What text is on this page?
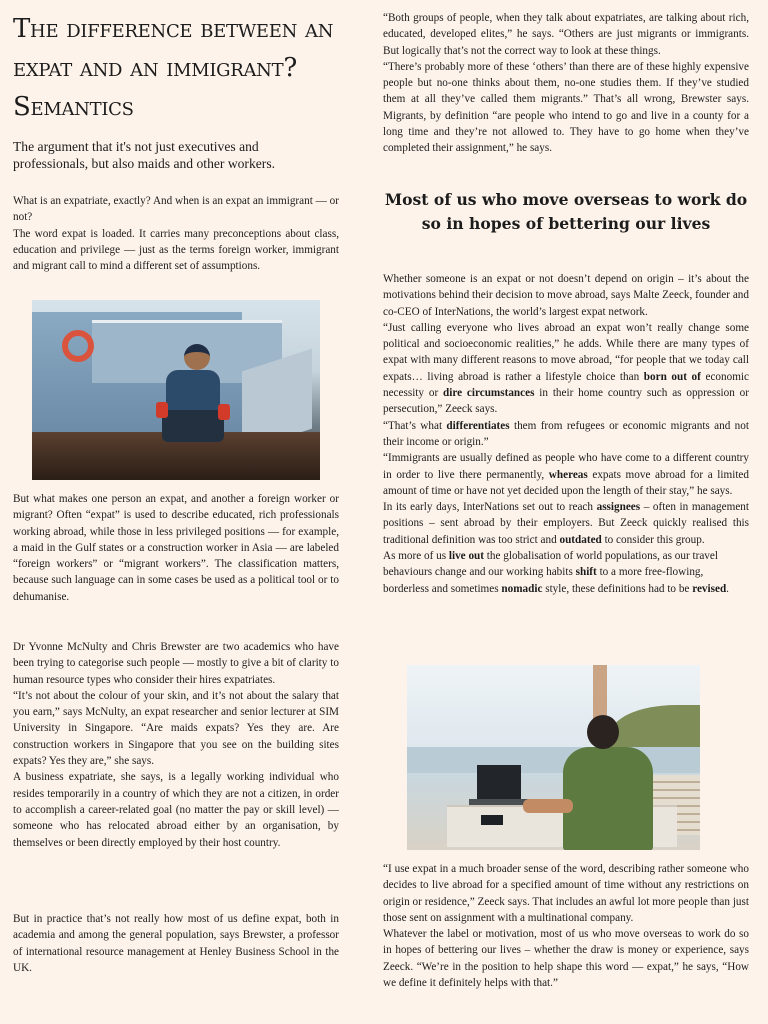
The difference between an expat and an immigrant? Semantics

The argument that it's not just executives and professionals, but also maids and other workers.

What is an expatriate, exactly? And when is an expat an immigrant — or not?

The word expat is loaded. It carries many preconceptions about class, education and privilege — just as the terms foreign worker, immigrant and migrant call to mind a different set of assumptions.

But what makes one person an expat, and another a foreign worker or migrant? Often “expat” is used to describe educated, rich professionals working abroad, while those in less privileged positions — for example, a maid in the Gulf states or a construction worker in Asia — are labeled “foreign workers” or “migrant workers”. The classification matters, because such language can in some cases be used as a political tool or to dehumanise.

Dr Yvonne McNulty and Chris Brewster are two academics who have been trying to categorise such people — mostly to give a bit of clarity to human resource types who consider their hires expatriates.

“It’s not about the colour of your skin, and it’s not about the salary that you earn,” says McNulty, an expat researcher and senior lecturer at SIM University in Singapore. “Are maids expats? Yes they are. Are construction workers in Singapore that you see on the building sites expats? Yes they are,” she says.

A business expatriate, she says, is a legally working individual who resides temporarily in a country of which they are not a citizen, in order to accomplish a career-related goal (no matter the pay or skill level) — someone who has relocated abroad either by an organisation, by themselves or been directly employed by their host country.

But in practice that’s not really how most of us define expat, both in academia and among the general population, says Brewster, a professor of international resource management at Henley Business School in the UK.

“Both groups of people, when they talk about expatriates, are talking about rich, educated, developed elites,” he says. “Others are just migrants or immigrants. But logically that’s not the correct way to look at these things.

“There’s probably more of these ‘others’ than there are of these highly expensive people but no-one thinks about them, no-one studies them. If they’ve studied them at all they’ve called them migrants.” That’s all wrong, Brewster says. Migrants, by definition “are people who intend to go and live in a county for a long time and they’re not allowed to. They have to go home when they’ve completed their assignment,” he says.

Most of us who move overseas to work do so in hopes of bettering our lives

Whether someone is an expat or not doesn’t depend on origin – it’s about the motivations behind their decision to move abroad, says Malte Zeeck, founder and co-CEO of InterNations, the world’s largest expat network.

“Just calling everyone who lives abroad an expat won’t really change some political and socioeconomic realities,” he adds. While there are many types of expat with many different reasons to move abroad, “for people that we today call expats… living abroad is rather a lifestyle choice than born out of economic necessity or dire circumstances in their home country such as oppression or persecution,” Zeeck says.

“That’s what differentiates them from refugees or economic migrants and not their income or origin.”

“Immigrants are usually defined as people who have come to a different country in order to live there permanently, whereas expats move abroad for a limited amount of time or have not yet decided upon the length of their stay,” he says.

In its early days, InterNations set out to reach assignees – often in management positions – sent abroad by their employers. But Zeeck quickly realised this traditional definition was too strict and outdated to consider this group.

As more of us live out the globalisation of world populations, as our travel behaviours change and our working habits shift to a more free-flowing, borderless and sometimes nomadic style, these definitions had to be revised.

“I use expat in a much broader sense of the word, describing rather someone who decides to live abroad for a specified amount of time without any restrictions on origin or residence,” Zeeck says. That includes an awful lot more people than just those sent on assignment with a multinational company.

Whatever the label or motivation, most of us who move overseas to work do so in hopes of bettering our lives – whether the draw is money or experience, says Zeeck. “We’re in the position to help shape this word — expat,” he says, “How we define it definitely helps with that.”
